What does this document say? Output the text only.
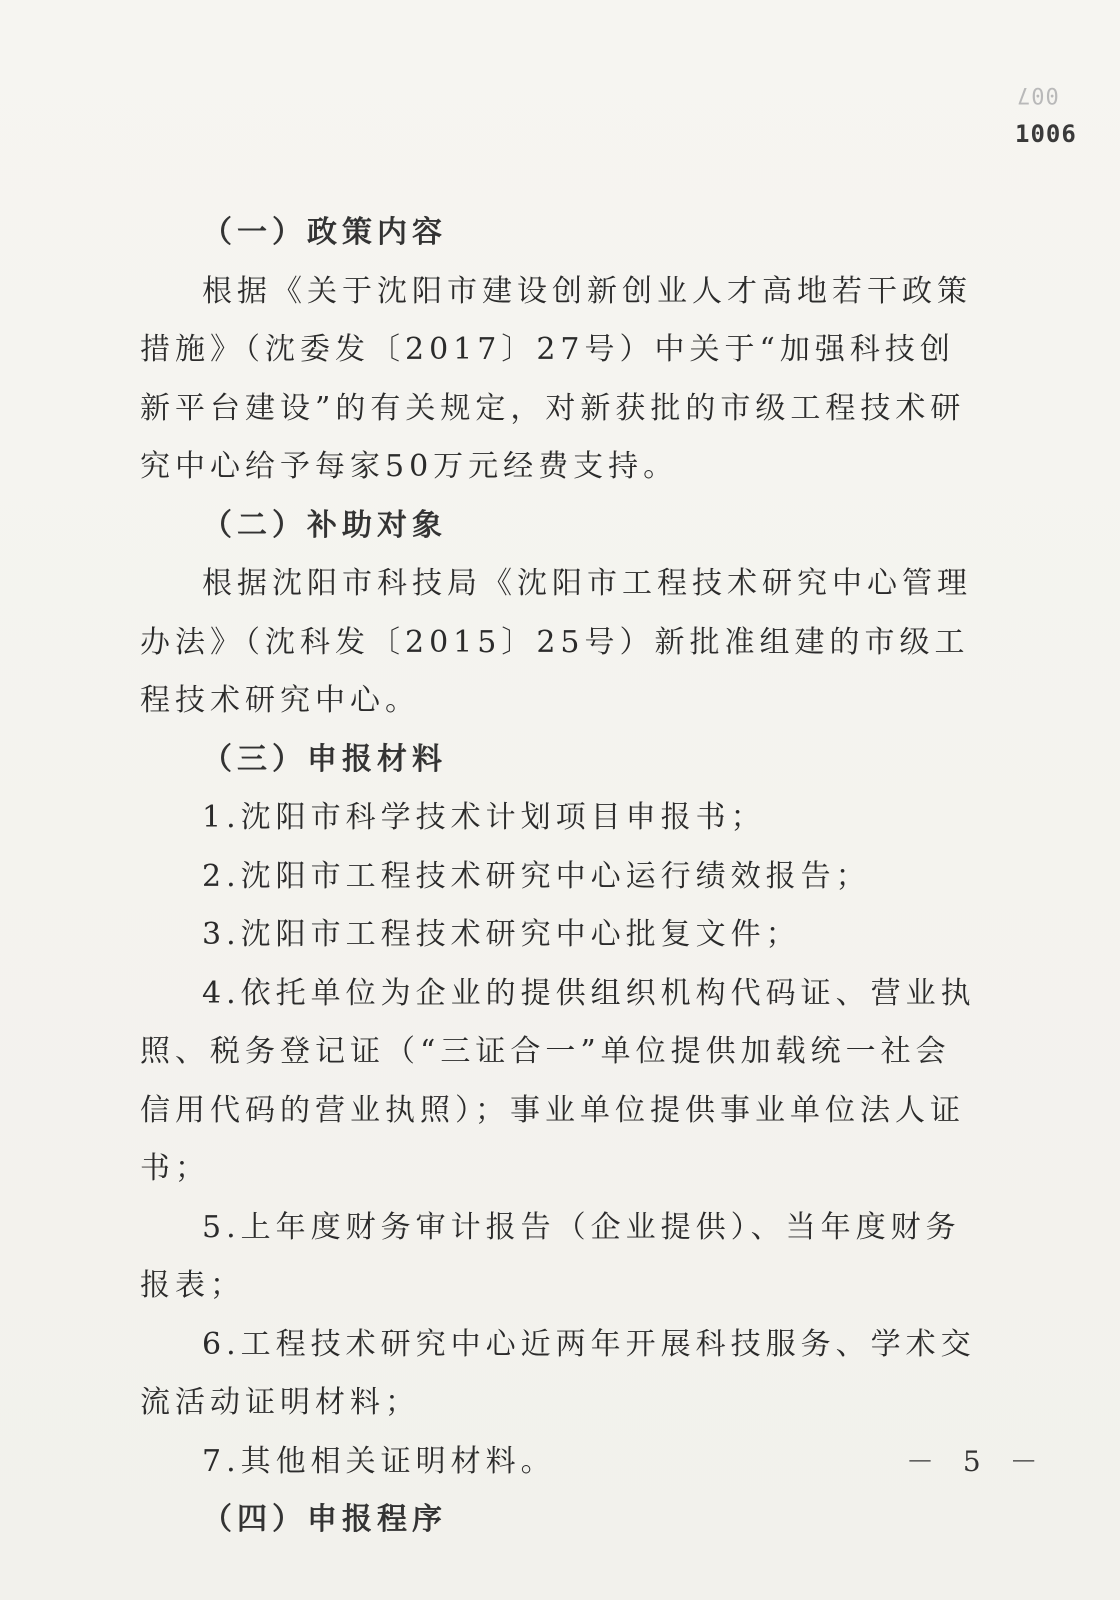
007
1006

（一）政策内容

根据《关于沈阳市建设创新创业人才高地若干政策措施》（沈委发〔2017〕27号）中关于“加强科技创新平台建设”的有关规定，对新获批的市级工程技术研究中心给予每家50万元经费支持。

（二）补助对象

根据沈阳市科技局《沈阳市工程技术研究中心管理办法》（沈科发〔2015〕25号）新批准组建的市级工程技术研究中心。

（三）申报材料

1.沈阳市科学技术计划项目申报书；

2.沈阳市工程技术研究中心运行绩效报告；

3.沈阳市工程技术研究中心批复文件；

4.依托单位为企业的提供组织机构代码证、营业执照、税务登记证（“三证合一”单位提供加载统一社会信用代码的营业执照）；事业单位提供事业单位法人证书；

5.上年度财务审计报告（企业提供）、当年度财务报表；

6.工程技术研究中心近两年开展科技服务、学术交流活动证明材料；

7.其他相关证明材料。

（四）申报程序

－ 5 －
